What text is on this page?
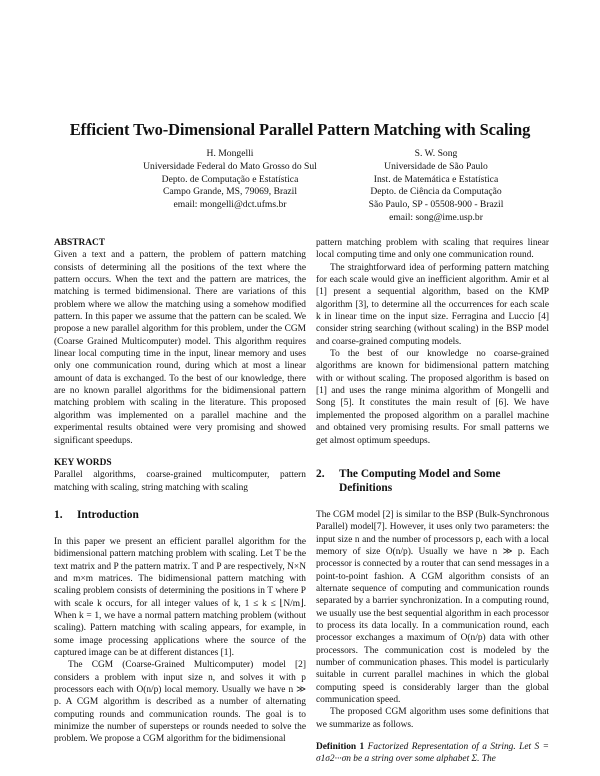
Efficient Two-Dimensional Parallel Pattern Matching with Scaling
H. Mongelli
Universidade Federal do Mato Grosso do Sul
Depto. de Computação e Estatística
Campo Grande, MS, 79069, Brazil
email: mongelli@dct.ufms.br
S. W. Song
Universidade de São Paulo
Inst. de Matemática e Estatística
Depto. de Ciência da Computação
São Paulo, SP - 05508-900 - Brazil
email: song@ime.usp.br
ABSTRACT

Given a text and a pattern, the problem of pattern matching consists of determining all the positions of the text where the pattern occurs. When the text and the pattern are matrices, the matching is termed bidimensional. There are variations of this problem where we allow the matching using a somehow modified pattern. In this paper we assume that the pattern can be scaled. We propose a new parallel algorithm for this problem, under the CGM (Coarse Grained Multicomputer) model. This algorithm requires linear local computing time in the input, linear memory and uses only one communication round, during which at most a linear amount of data is exchanged. To the best of our knowledge, there are no known parallel algorithms for the bidimensional pattern matching problem with scaling in the literature. This proposed algorithm was implemented on a parallel machine and the experimental results obtained were very promising and showed significant speedups.

KEY WORDS

Parallel algorithms, coarse-grained multicomputer, pattern matching with scaling, string matching with scaling

1.	Introduction

In this paper we present an efficient parallel algorithm for the bidimensional pattern matching problem with scaling. Let T be the text matrix and P the pattern matrix. T and P are respectively, N×N and m×m matrices. The bidimensional pattern matching with scaling problem consists of determining the positions in T where P with scale k occurs, for all integer values of k, 1 ≤ k ≤ ⌊N/m⌋. When k = 1, we have a normal pattern matching problem (without scaling). Pattern matching with scaling appears, for example, in some image processing applications where the source of the captured image can be at different distances [1].

The CGM (Coarse-Grained Multicomputer) model [2] considers a problem with input size n, and solves it with p processors each with O(n/p) local memory. Usually we have n ≫ p. A CGM algorithm is described as a number of alternating computing rounds and communication rounds. The goal is to minimize the number of supersteps or rounds needed to solve the problem. We propose a CGM algorithm for the bidimensional

pattern matching problem with scaling that requires linear local computing time and only one communication round.

The straightforward idea of performing pattern matching for each scale would give an inefficient algorithm. Amir et al [1] present a sequential algorithm, based on the KMP algorithm [3], to determine all the occurrences for each scale k in linear time on the input size. Ferragina and Luccio [4] consider string searching (without scaling) in the BSP model and coarse-grained computing models.

To the best of our knowledge no coarse-grained algorithms are known for bidimensional pattern matching with or without scaling. The proposed algorithm is based on [1] and uses the range minima algorithm of Mongelli and Song [5]. It constitutes the main result of [6]. We have implemented the proposed algorithm on a parallel machine and obtained very promising results. For small patterns we get almost optimum speedups.

2.	The Computing Model and Some Definitions

The CGM model [2] is similar to the BSP (Bulk-Synchronous Parallel) model[7]. However, it uses only two parameters: the input size n and the number of processors p, each with a local memory of size O(n/p). Usually we have n ≫ p. Each processor is connected by a router that can send messages in a point-to-point fashion. A CGM algorithm consists of an alternate sequence of computing and communication rounds separated by a barrier synchronization. In a computing round, we usually use the best sequential algorithm in each processor to process its data locally. In a communication round, each processor exchanges a maximum of O(n/p) data with other processors. The communication cost is modeled by the number of communication phases. This model is particularly suitable in current parallel machines in which the global computing speed is considerably larger than the global communication speed.

The proposed CGM algorithm uses some definitions that we summarize as follows.

Definition 1 Factorized Representation of a String. Let S = σ1σ2···σn be a string over some alphabet Σ. The
